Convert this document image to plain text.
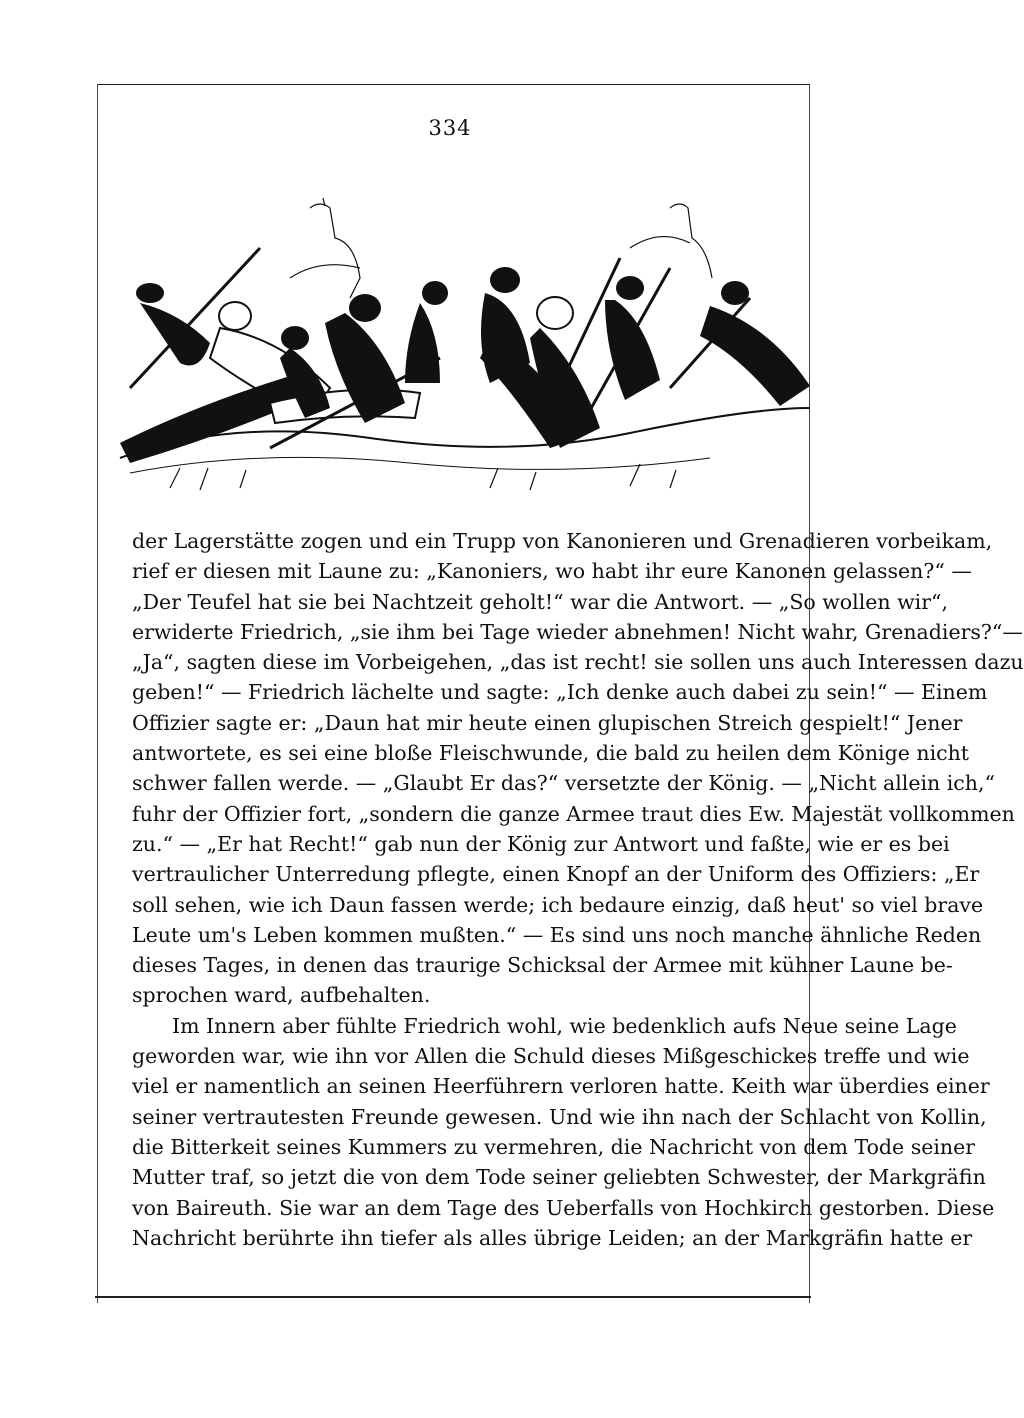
334
der Lagerstätte zogen und ein Trupp von Kanonieren und Grenadieren vorbeikam,
rief er diesen mit Laune zu: „Kanoniers, wo habt ihr eure Kanonen gelassen?“ —
„Der Teufel hat sie bei Nachtzeit geholt!“ war die Antwort. — „So wollen wir“,
erwiderte Friedrich, „sie ihm bei Tage wieder abnehmen! Nicht wahr, Grenadiers?“—
„Ja“, sagten diese im Vorbeigehen, „das ist recht! sie sollen uns auch Interessen dazu
geben!“ — Friedrich lächelte und sagte: „Ich denke auch dabei zu sein!“ — Einem
Offizier sagte er: „Daun hat mir heute einen glupischen Streich gespielt!“ Jener
antwortete, es sei eine bloße Fleischwunde, die bald zu heilen dem Könige nicht
schwer fallen werde. — „Glaubt Er das?“ versetzte der König. — „Nicht allein ich,“
fuhr der Offizier fort, „sondern die ganze Armee traut dies Ew. Majestät vollkommen
zu.“ — „Er hat Recht!“ gab nun der König zur Antwort und faßte, wie er es bei
vertraulicher Unterredung pflegte, einen Knopf an der Uniform des Offiziers: „Er
soll sehen, wie ich Daun fassen werde; ich bedaure einzig, daß heut' so viel brave
Leute um's Leben kommen mußten.“ — Es sind uns noch manche ähnliche Reden
dieses Tages, in denen das traurige Schicksal der Armee mit kühner Laune be-
sprochen ward, aufbehalten.
Im Innern aber fühlte Friedrich wohl, wie bedenklich aufs Neue seine Lage
geworden war, wie ihn vor Allen die Schuld dieses Mißgeschickes treffe und wie
viel er namentlich an seinen Heerführern verloren hatte. Keith war überdies einer
seiner vertrautesten Freunde gewesen. Und wie ihn nach der Schlacht von Kollin,
die Bitterkeit seines Kummers zu vermehren, die Nachricht von dem Tode seiner
Mutter traf, so jetzt die von dem Tode seiner geliebten Schwester, der Markgräfin
von Baireuth. Sie war an dem Tage des Ueberfalls von Hochkirch gestorben. Diese
Nachricht berührte ihn tiefer als alles übrige Leiden; an der Markgräfin hatte er
